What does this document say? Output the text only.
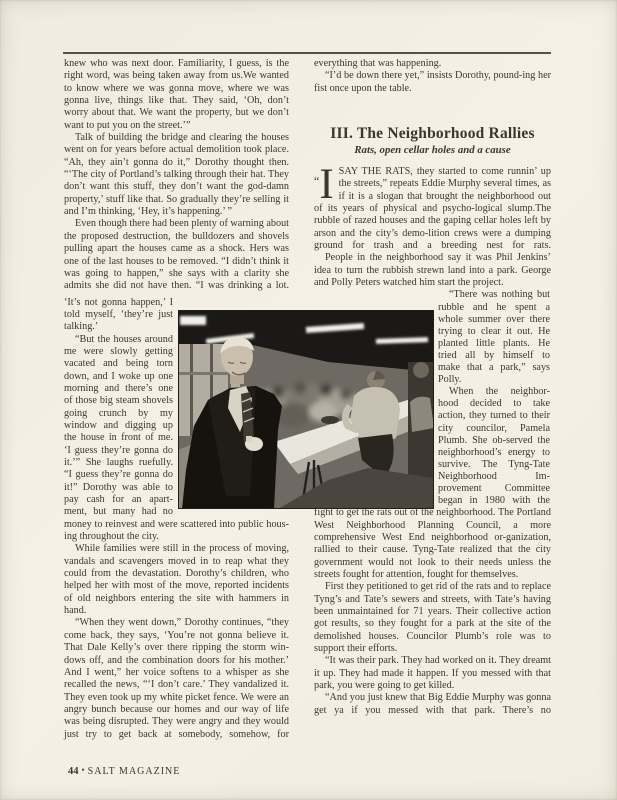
knew who was next door. Familiarity, I guess, is the right word, was being taken away from us.We wanted to know where we was gonna move, where we was gonna live, things like that. They said, ‘Oh, don’t worry about that. We want the property, but we don’t want to put you on the street.’”

Talk of building the bridge and clearing the houses went on for years before actual demolition took place. “Ah, they ain’t gonna do it,” Dorothy thought then. “‘The city of Portland’s talking through their hat. They don’t want this stuff, they don’t want the god-damn property,’ stuff like that. So gradually they’re selling it and I’m thinking, ‘Hey, it’s happening.’ ”

Even though there had been plenty of warning about the proposed destruction, the bulldozers and shovels pulling apart the houses came as a shock. Hers was one of the last houses to be removed. “I didn’t think it was going to happen,” she says with a clarity she admits she did not have then. “I was drinking a lot.

‘It’s not gonna happen,’ I told myself, ‘they’re just talking.’

“But the houses around me were slowly getting vacated and being torn down, and I woke up one morning and there’s one of those big steam shovels going crunch by my window and digging up the house in front of me. ‘I guess they’re gonna do it.’” She laughs ruefully. “I guess they’re gonna do it!” Dorothy was able to pay cash for an apart-ment, but many had no

money to reinvest and were scattered into public hous-ing throughout the city.

While families were still in the process of moving, vandals and scavengers moved in to reap what they could from the devastation. Dorothy’s children, who helped her with most of the move, reported incidents of old neighbors entering the site with hammers in hand.

“When they went down,” Dorothy continues, “they come back, they says, ‘You’re not gonna believe it. That Dale Kelly’s over there ripping the storm win-dows off, and the combination doors for his mother.’ And I went,” her voice softens to a whisper as she recalled the news, “‘I don’t care.’ They vandalized it. They even took up my white picket fence. We were an angry bunch because our homes and our way of life was being disrupted. They were angry and they would just try to get back at somebody, somehow, for

everything that was happening.

“I’d be down there yet,” insists Dorothy, pound-ing her fist once upon the table.

III. The Neighborhood Rallies
Rats, open cellar holes and a cause

“I SAY THE RATS, they started to come runnin’ up the streets,” repeats Eddie Murphy several times, as if it is a slogan that brought the neighborhood out of its years of physical and psycho-logical slump.The rubble of razed houses and the gaping cellar holes left by arson and the city’s demo-lition crews were a dumping ground for trash and a breeding nest for rats.

People in the neighborhood say it was Phil Jenkins’ idea to turn the rubbish strewn land into a park. George and Polly Peters watched him start the project.

“There was nothing but rubble and he spent a whole summer over there trying to clear it out. He planted little plants. He tried all by himself to make that a park,” says Polly.

When the neighbor-hood decided to take action, they turned to their city councilor, Pamela Plumb. She ob-served the neighborhood’s energy to survive. The Tyng-Tate Neighborhood Im-provement Committee began in 1980 with the

fight to get the rats out of the neighborhood. The Portland West Neighborhood Planning Council, a more comprehensive West End neighborhood or-ganization, rallied to their cause. Tyng-Tate realized that the city government would not look to their needs unless the streets fought for attention, fought for themselves.

First they petitioned to get rid of the rats and to replace Tyng’s and Tate’s sewers and streets, with Tate’s having been unmaintained for 71 years. Their collective action got results, so they fought for a park at the site of the demolished houses. Councilor Plumb’s role was to support their efforts.

“It was their park. They had worked on it. They dreamt it up. They had made it happen. If you messed with that park, you were going to get killed.

“And you just knew that Big Eddie Murphy was gonna get ya if you messed with that park. There’s no

44 • SALT MAGAZINE
